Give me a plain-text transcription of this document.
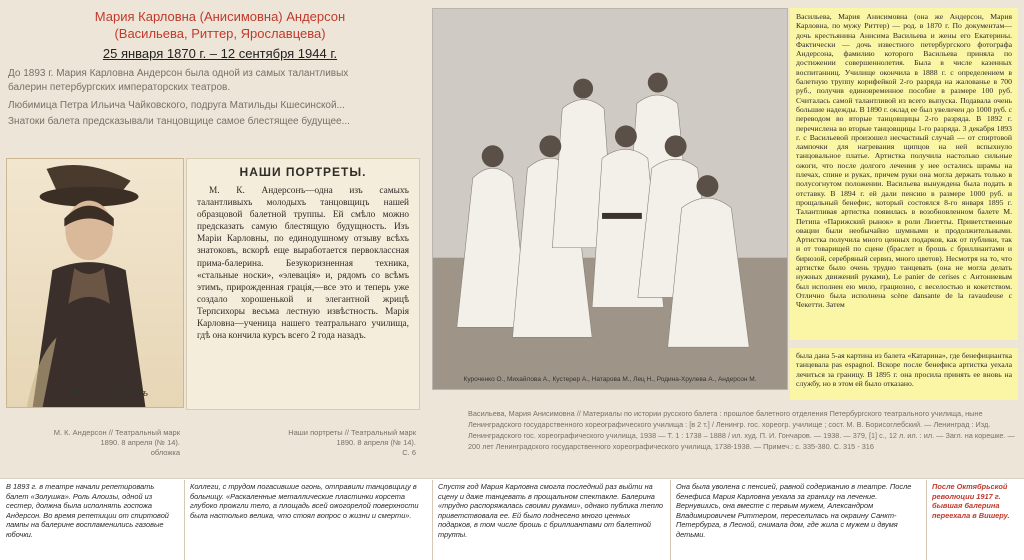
Мария Карловна (Анисимовна) Андерсон
(Васильева, Риттер, Ярославцева)
25 января 1870 г. – 12 сентября 1944 г.
До 1893 г. Мария Карловна Андерсон была одной из самых талантливых
балерин петербургских императорских театров.
Любимица Петра Ильича Чайковского, подруга Матильды Кшесинской...
Знатоки балета предсказывали танцовщице самое блестящее будущее...
М. К. Андерсонъ
НАШИ ПОРТРЕТЫ.
М. К. Андерсонъ—одна изъ самыхъ талантливыхъ молодыхъ танцовщицъ нашей образцовой балетной труппы. Ей смѣло можно предсказать самую блестящую будущность. Изъ Маріи Карловны, по единодушному отзыву всѣхъ знатоковъ, вскорѣ еще выработается первоклассная прима-балерина. Безукоризненная техника, «стальные носки», «элевація» и, рядомъ со всѣмъ этимъ, прирожденная грація,—все это и теперь уже создало хорошенькой и элегантной жрицѣ Терпсихоры весьма лестную извѣстность. Марія Карловна—ученица нашего театральнаго училища, гдѣ она кончила курсъ всего 2 года назадъ.
М. К. Андерсон // Театральный марк
1890. 8 апреля (№ 14).
обложка
Наши портреты // Театральный марк
1890. 8 апреля (№ 14).
С. 6
Куроченко О., Михайлова А., Кустерер А., Натарова М., Лец Н., Родина-Хрулева А., Андерсон М.
Васильева, Мария Анисимовна (она же Андерсон, Мария Карловна, по мужу Риттер) — род. в 1870 г. По документам—дочь крестьянина Анисима Васильева и жены его Екатерины. Фактически — дочь известного петербургского фотографа Андерсона, фамилию которого Васильева приняла по достижении совершеннолетия. Была в числе казенных воспитанниц. Училище окончила в 1888 г. с определением в балетную труппу корифейкой 2-го разряда на жалованье в 700 руб., получив единовременное пособие в размере 100 руб. Считалась самой талантливой из всего выпуска. Подавала очень большие надежды. В 1890 г. оклад ее был увеличен до 1000 руб. с переводом во вторые танцовщицы 2-го разряда. В 1892 г. перечислена во вторые танцовщицы 1-го разряда. 3 декабря 1893 г. с Васильевой произошел несчастный случай — от спиртовой лампочки для нагревания щипцов на ней вспыхнуло танцовальное платье. Артистка получила настолько сильные ожоги, что после долгого лечения у нее остались шрамы на плечах, спине и руках, причем руки она могла держать только в полусогнутом положении. Васильева вынуждена была подать в отставку. В 1894 г. ей дали пенсию в размере 1000 руб. и прощальный бенефис, который состоялся 8-го января 1895 г. Талантливая артистка появилась в возобновленном балете М. Петипа «Парижский рынок» в роли Лизетты. Приветственные овации были необычайно шумными и продолжительными. Артистка получила много ценных подарков, как от публики, так и от товарищей по сцене (браслет и брошь с бриллиантами и бирюзой, серебряный сервиз, много цветов). Несмотря на то, что артистке было очень трудно танцевать (она не могла делать нужных движений руками), Le panier de cerises с Антониевым был исполнен ею мило, грациозно, с веселостью и кокетством. Отлично была исполнена scène dansante de la ravaudeuse с Чекетти. Затем
была дана 5-ая картина из балета «Катарина», где бенефициантка танцевала pas espagnol. Вскоре после бенефиса артистка уехала лечиться за границу. В 1895 г. она просила принять ее вновь на службу, но в этом ей было отказано.
Васильева, Мария Анисимовна // Материалы по истории русского балета : прошлое балетного отделения Петербургского театрального училища, ныне Ленинградского государственного хореографического училища : [в 2 т.] / Ленингр. гос. хореогр. училище ; сост. М. В. Борисоглебский. — Ленинград : Изд. Ленинградского гос. хореографического училища, 1938 — Т. 1 : 1738 – 1888 / ил. худ. П. И. Гончаров. — 1938. — 379, [1] с., 12 л. ил. : ил. — Загл. на корешке. — 200 лет Ленинградского государственного хореографического училища, 1738-1938. — Примеч.: с. 335-380. С. 315 - 316
В 1893 г. в театре начали репетировать балет «Золушка». Роль Алоизы, одной из сестер, должна была исполнять госпожа Андерсон. Во время репетиции от спиртовой лампы на балерине воспламенились газовые юбочки.
Коллеги, с трудом погасившие огонь, отправили танцовщицу в больницу. «Раскаленные металлические пластинки корсета глубоко прожгли тело, а площадь всей ожогорелой поверхности была настолько велика, что стоял вопрос о жизни и смерти».
Спустя год Мария Карловна смогла последний раз выйти на сцену и даже танцевать в прощальном спектакле. Балерина «трудно распоряжалась своими руками», однако публика тепло приветствовала ее. Ей было поднесено много ценных подарков, в том числе брошь с бриллиантами от балетной труппы.
Она была уволена с пенсией, равной содержанию в театре. После бенефиса Мария Карловна уехала за границу на лечение. Вернувшись, она вместе с первым мужем, Александром Владимировичем Риттером, переселилась на окраину Санкт-Петербурга, в Лесной, снимала дом, где жила с мужем и двумя детьми.
После Октябрьской революции 1917 г. бывшая балерина переехала в Вишеру.
